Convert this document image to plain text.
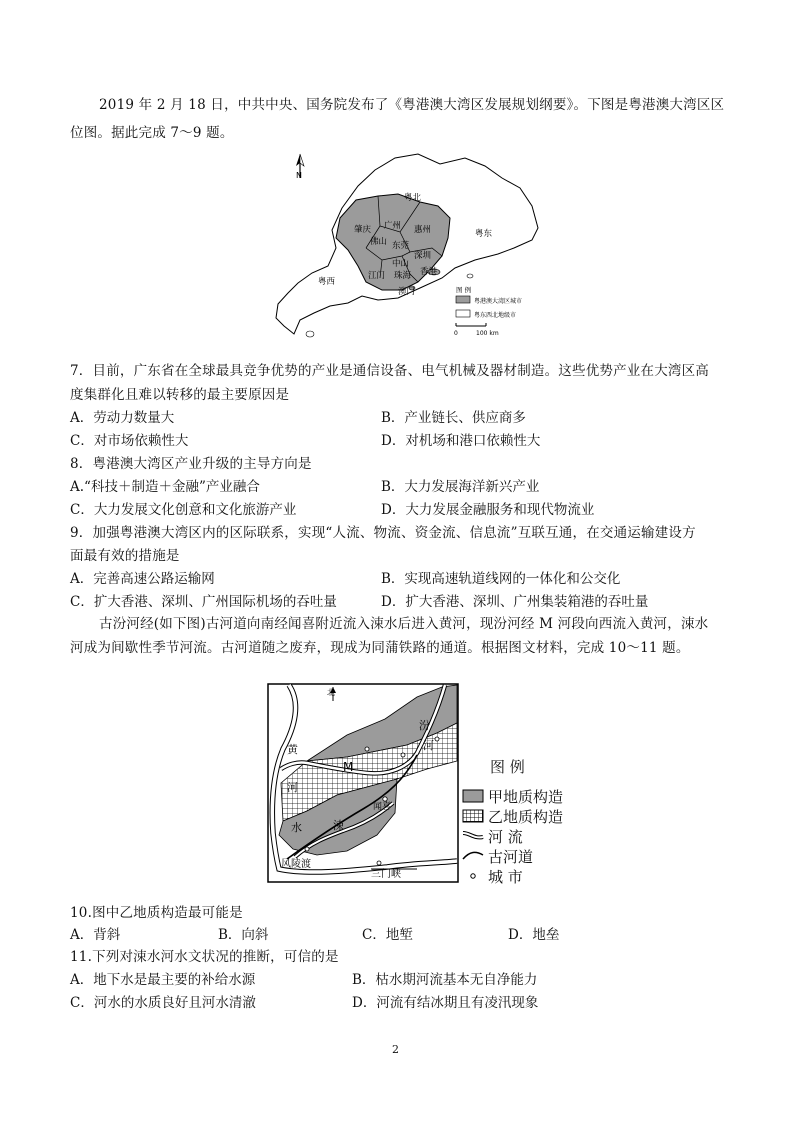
2019 年 2 月 18 日，中共中央、国务院发布了《粤港澳大湾区发展规划纲要》。下图是粤港澳大湾区区
位图。据此完成 7～9 题。
N
粤北
粤东
粤西
肇庆 广州 惠州
佛山 东莞
深圳
江门
中山
珠海 香港
澳门	图 例
粤港澳大湾区城市
粤东西北地级市
0	100 km
7．目前，广东省在全球最具竞争优势的产业是通信设备、电气机械及器材制造。这些优势产业在大湾区高
度集群化且难以转移的最主要原因是
A．劳动力数量大	B．产业链长、供应商多
C．对市场依赖性大	D．对机场和港口依赖性大
8．粤港澳大湾区产业升级的主导方向是
A.“科技＋制造＋金融”产业融合	B．大力发展海洋新兴产业
C．大力发展文化创意和文化旅游产业	D．大力发展金融服务和现代物流业
9．加强粤港澳大湾区内的区际联系，实现“人流、物流、资金流、信息流”互联互通，在交通运输建设方
面最有效的措施是
A．完善高速公路运输网	B．实现高速轨道线网的一体化和公交化
C．扩大香港、深圳、广州国际机场的吞吐量	D．扩大香港、深圳、广州集装箱港的吞吐量
古汾河经(如下图)古河道向南经闻喜附近流入涑水后进入黄河，现汾河经 M 河段向西流入黄河，涑水
河成为间歇性季节河流。古河道随之废弃，现成为同蒲铁路的通道。根据图文材料，完成 10～11 题。
北
黄
河
汾
河
M
闻喜
涑
水
风陵渡
三门峡
图 例
甲地质构造
乙地质构造
河 流
古河道
城 市
10.图中乙地质构造最可能是
A．背斜	B．向斜	C．地堑	D．地垒
11.下列对涑水河水文状况的推断，可信的是
A．地下水是最主要的补给水源	B．枯水期河流基本无自净能力
C．河水的水质良好且河水清澈	D．河流有结冰期且有凌汛现象
2
